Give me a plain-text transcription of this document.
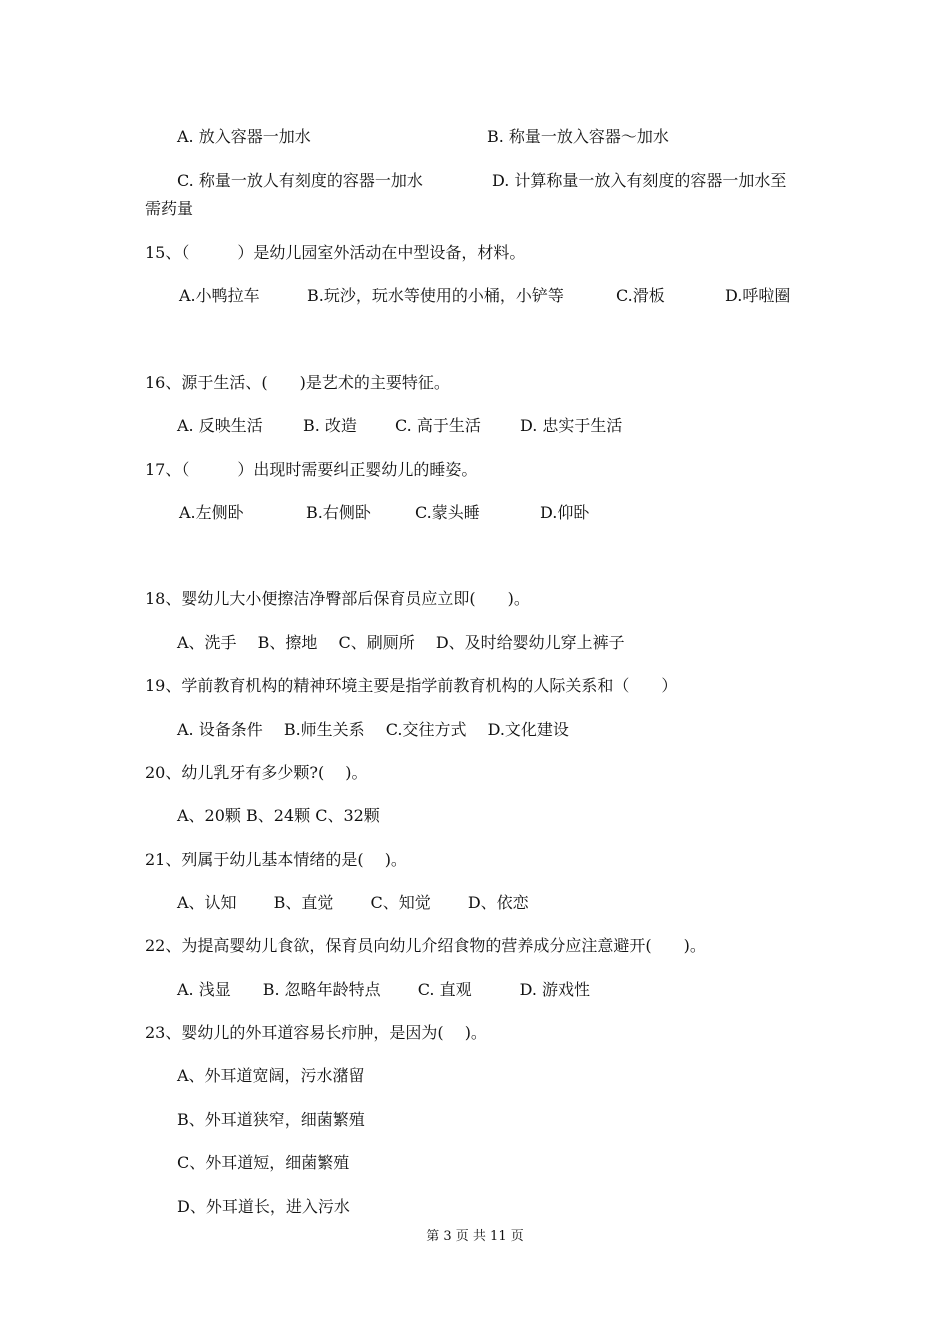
A. 放入容器一加水	B. 称量一放入容器～加水
C. 称量一放人有刻度的容器一加水	D. 计算称量一放入有刻度的容器一加水至
需药量
15、（　　　）是幼儿园室外活动在中型设备，材料。
A.小鸭拉车	B.玩沙，玩水等使用的小桶，小铲等	C.滑板	D.呼啦圈
16、源于生活、(　　)是艺术的主要特征。
A. 反映生活	B. 改造 C. 高于生活 D. 忠实于生活
17、（　　　）出现时需要纠正婴幼儿的睡姿。
A.左侧卧	B.右侧卧	C.蒙头睡	D.仰卧
18、婴幼儿大小便擦洁净臀部后保育员应立即(　　)。
A、洗手　 B、擦地　 C、刷厕所　 D、及时给婴幼儿穿上裤子
19、学前教育机构的精神环境主要是指学前教育机构的人际关系和（　　）
A. 设备条件　 B.师生关系　 C.交往方式　 D.文化建设
20、幼儿乳牙有多少颗?(　 )。
A、20颗 B、24颗 C、32颗
21、列属于幼儿基本情绪的是(　 )。
A、认知　　 B、直觉　　 C、知觉　　 D、依恋
22、为提高婴幼儿食欲，保育员向幼儿介绍食物的营养成分应注意避开(　　)。
A. 浅显　　B. 忽略年龄特点　　 C. 直观　　　D. 游戏性
23、婴幼儿的外耳道容易长疖肿，是因为(　 )。
A、外耳道宽阔，污水潴留
B、外耳道狭窄，细菌繁殖
C、外耳道短，细菌繁殖
D、外耳道长，进入污水
第 3 页 共 11 页
